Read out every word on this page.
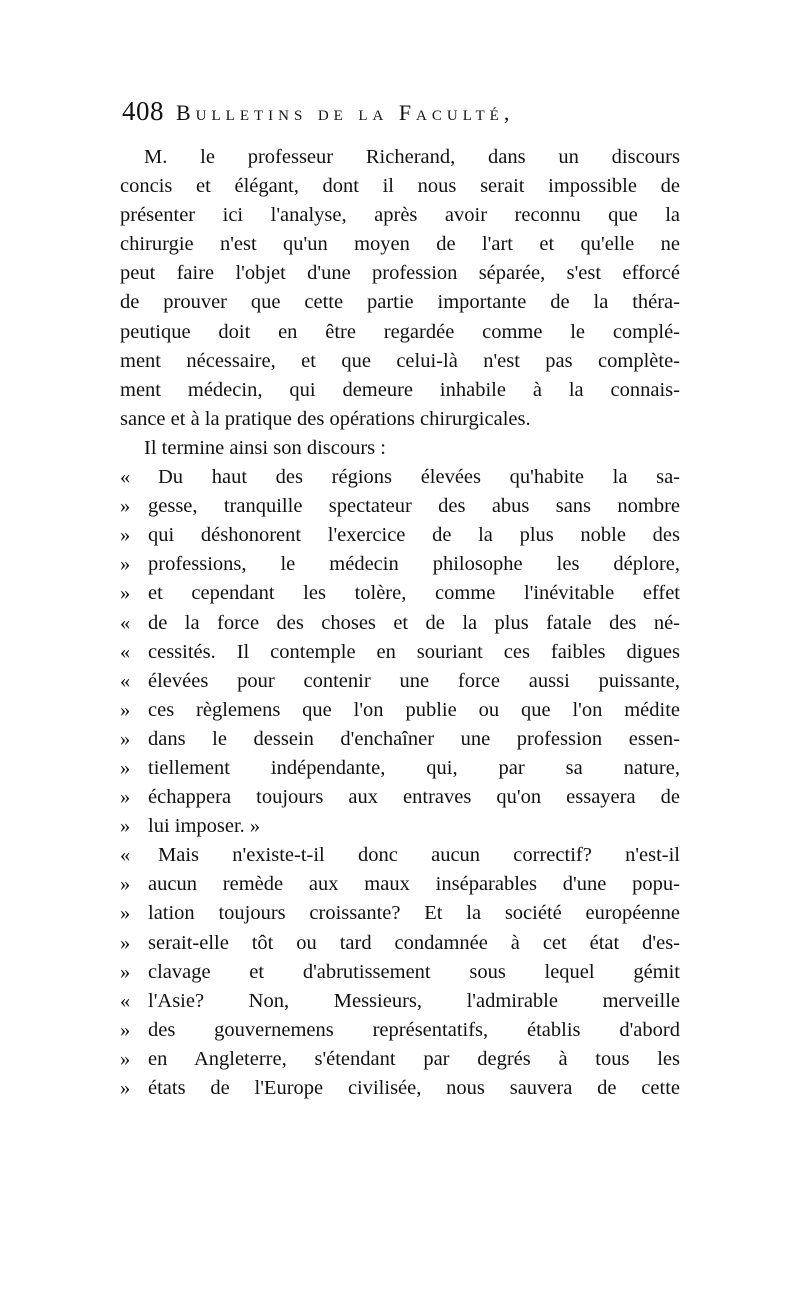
408 Bulletins de la Faculté,
M. le professeur Richerand, dans un discours
concis et élégant, dont il nous serait impossible de
présenter ici l'analyse, après avoir reconnu que la
chirurgie n'est qu'un moyen de l'art et qu'elle ne
peut faire l'objet d'une profession séparée, s'est efforcé
de prouver que cette partie importante de la théra-
peutique doit en être regardée comme le complé-
ment nécessaire, et que celui-là n'est pas complète-
ment médecin, qui demeure inhabile à la connais-
sance et à la pratique des opérations chirurgicales.
Il termine ainsi son discours :
«	Du haut des régions élevées qu'habite la sa-
» gesse, tranquille spectateur des abus sans nombre
» qui déshonorent l'exercice de la plus noble des
» professions, le médecin philosophe les déplore,
» et cependant les tolère, comme l'inévitable effet
« de la force des choses et de la plus fatale des né-
« cessités. Il contemple en souriant ces faibles digues
« élevées pour contenir une force aussi puissante,
» ces règlemens que l'on publie ou que l'on médite
» dans le dessein d'enchaîner une profession essen-
» tiellement indépendante, qui, par sa nature,
» échappera toujours aux entraves qu'on essayera de
» lui imposer. »
«	Mais n'existe-t-il donc aucun correctif? n'est-il
» aucun remède aux maux inséparables d'une popu-
» lation toujours croissante? Et la société européenne
» serait-elle tôt ou tard condamnée à cet état d'es-
» clavage et d'abrutissement sous lequel gémit
« l'Asie? Non, Messieurs, l'admirable merveille
» des gouvernemens représentatifs, établis d'abord
» en Angleterre, s'étendant par degrés à tous les
» états de l'Europe civilisée, nous sauvera de cette
